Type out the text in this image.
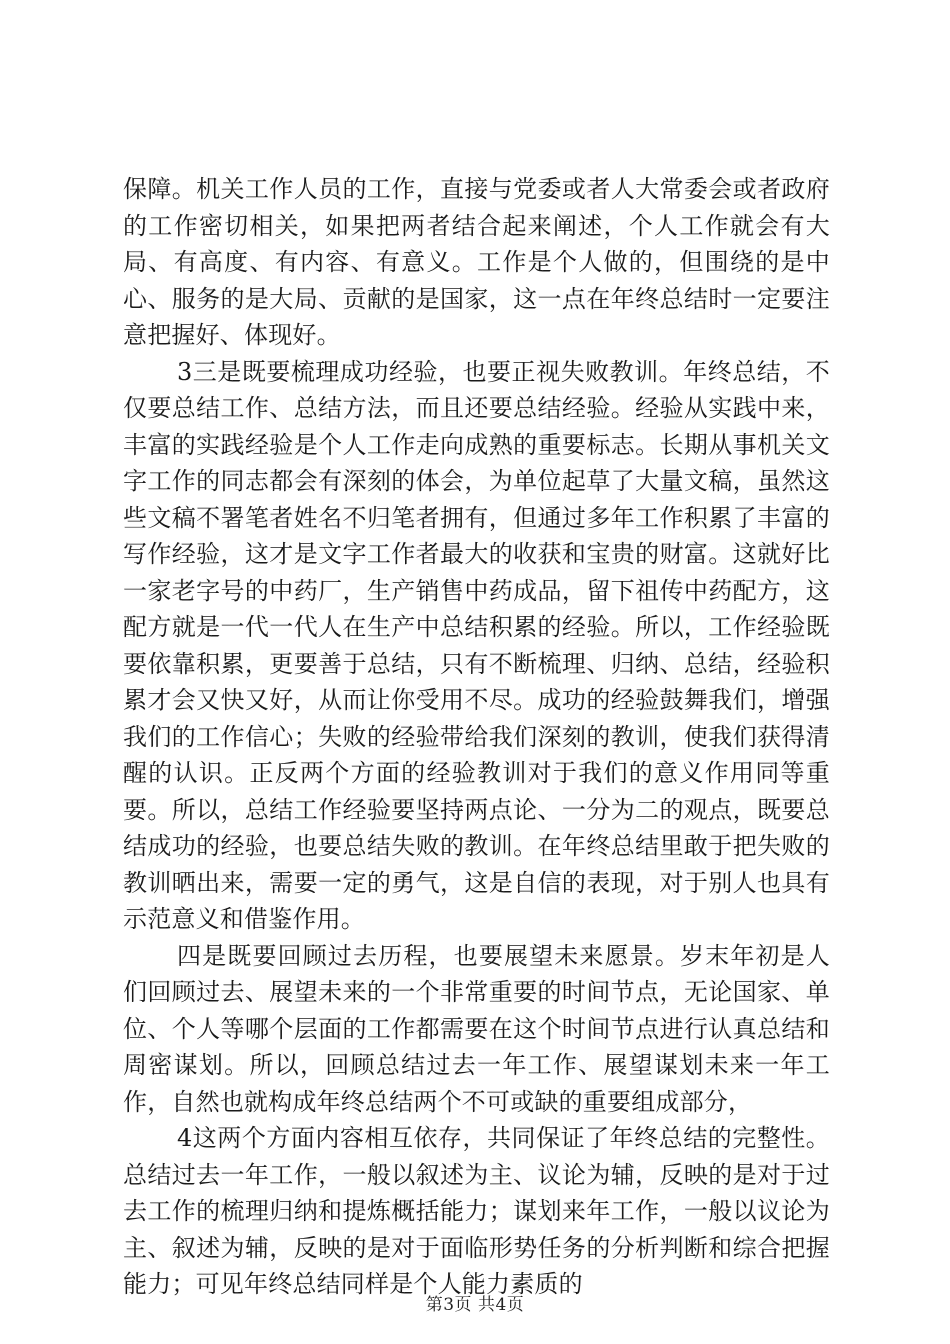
保障。机关工作人员的工作，直接与党委或者人大常委会或者政府的工作密切相关，如果把两者结合起来阐述，个人工作就会有大局、有高度、有内容、有意义。工作是个人做的，但围绕的是中心、服务的是大局、贡献的是国家，这一点在年终总结时一定要注意把握好、体现好。

3三是既要梳理成功经验，也要正视失败教训。年终总结，不仅要总结工作、总结方法，而且还要总结经验。经验从实践中来，丰富的实践经验是个人工作走向成熟的重要标志。长期从事机关文字工作的同志都会有深刻的体会，为单位起草了大量文稿，虽然这些文稿不署笔者姓名不归笔者拥有，但通过多年工作积累了丰富的写作经验，这才是文字工作者最大的收获和宝贵的财富。这就好比一家老字号的中药厂，生产销售中药成品，留下祖传中药配方，这配方就是一代一代人在生产中总结积累的经验。所以，工作经验既要依靠积累，更要善于总结，只有不断梳理、归纳、总结，经验积累才会又快又好，从而让你受用不尽。成功的经验鼓舞我们，增强我们的工作信心；失败的经验带给我们深刻的教训，使我们获得清醒的认识。正反两个方面的经验教训对于我们的意义作用同等重要。所以，总结工作经验要坚持两点论、一分为二的观点，既要总结成功的经验，也要总结失败的教训。在年终总结里敢于把失败的教训晒出来，需要一定的勇气，这是自信的表现，对于别人也具有示范意义和借鉴作用。

四是既要回顾过去历程，也要展望未来愿景。岁末年初是人们回顾过去、展望未来的一个非常重要的时间节点，无论国家、单位、个人等哪个层面的工作都需要在这个时间节点进行认真总结和周密谋划。所以，回顾总结过去一年工作、展望谋划未来一年工作，自然也就构成年终总结两个不可或缺的重要组成部分，

4这两个方面内容相互依存，共同保证了年终总结的完整性。总结过去一年工作，一般以叙述为主、议论为辅，反映的是对于过去工作的梳理归纳和提炼概括能力；谋划来年工作，一般以议论为主、叙述为辅，反映的是对于面临形势任务的分析判断和综合把握能力；可见年终总结同样是个人能力素质的

第3页 共4页
